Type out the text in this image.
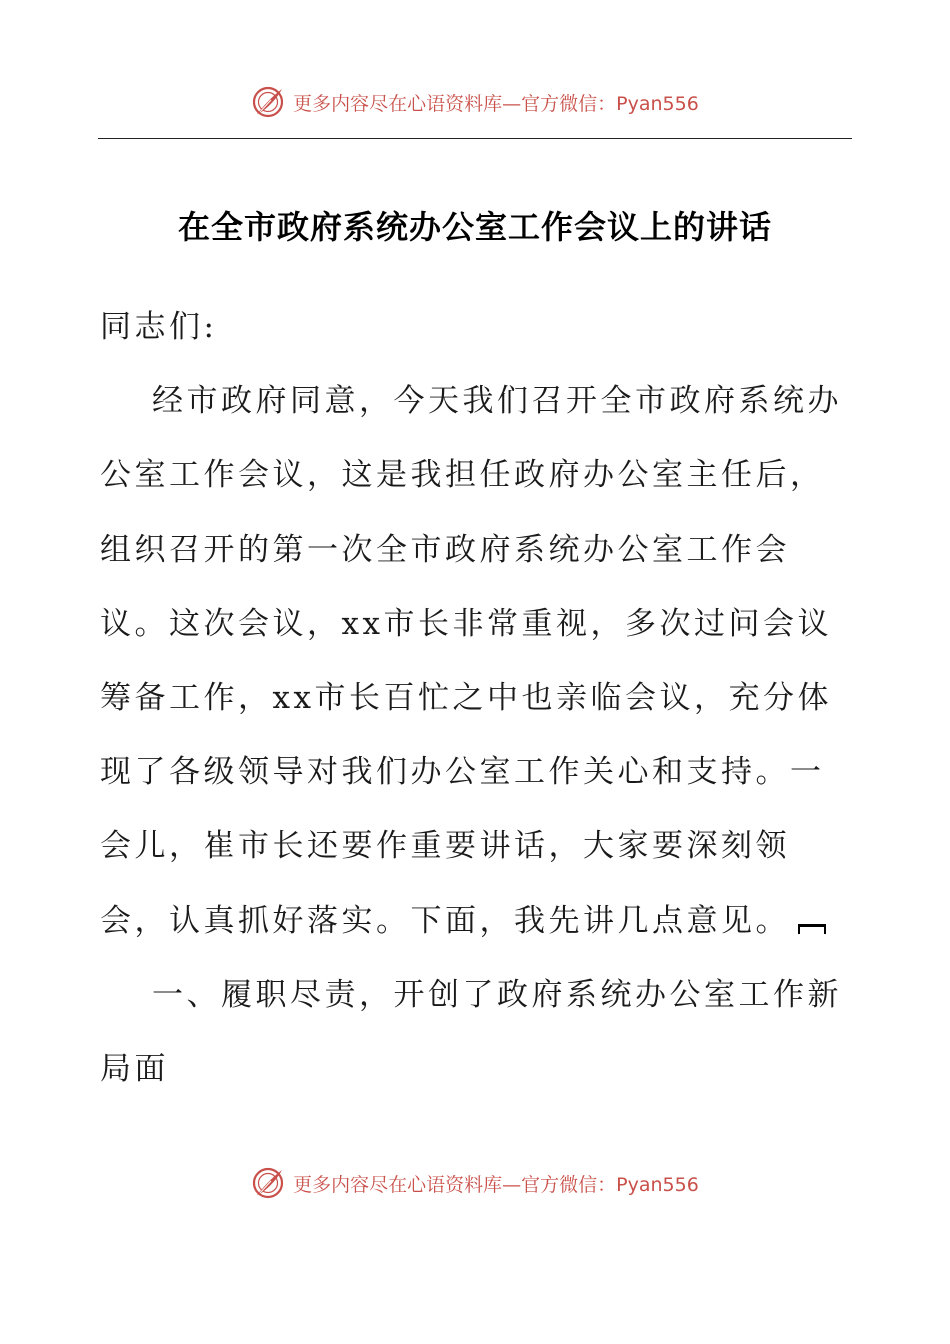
更多内容尽在心语资料库—官方微信：Pyan556
在全市政府系统办公室工作会议上的讲话

同志们:

经市政府同意，今天我们召开全市政府系统办公室工作会议，这是我担任政府办公室主任后，组织召开的第一次全市政府系统办公室工作会议。这次会议，xx市长非常重视，多次过问会议筹备工作，xx市长百忙之中也亲临会议，充分体现了各级领导对我们办公室工作关心和支持。一会儿，崔市长还要作重要讲话，大家要深刻领会，认真抓好落实。下面，我先讲几点意见。

一、履职尽责，开创了政府系统办公室工作新局面

更多内容尽在心语资料库—官方微信：Pyan556
